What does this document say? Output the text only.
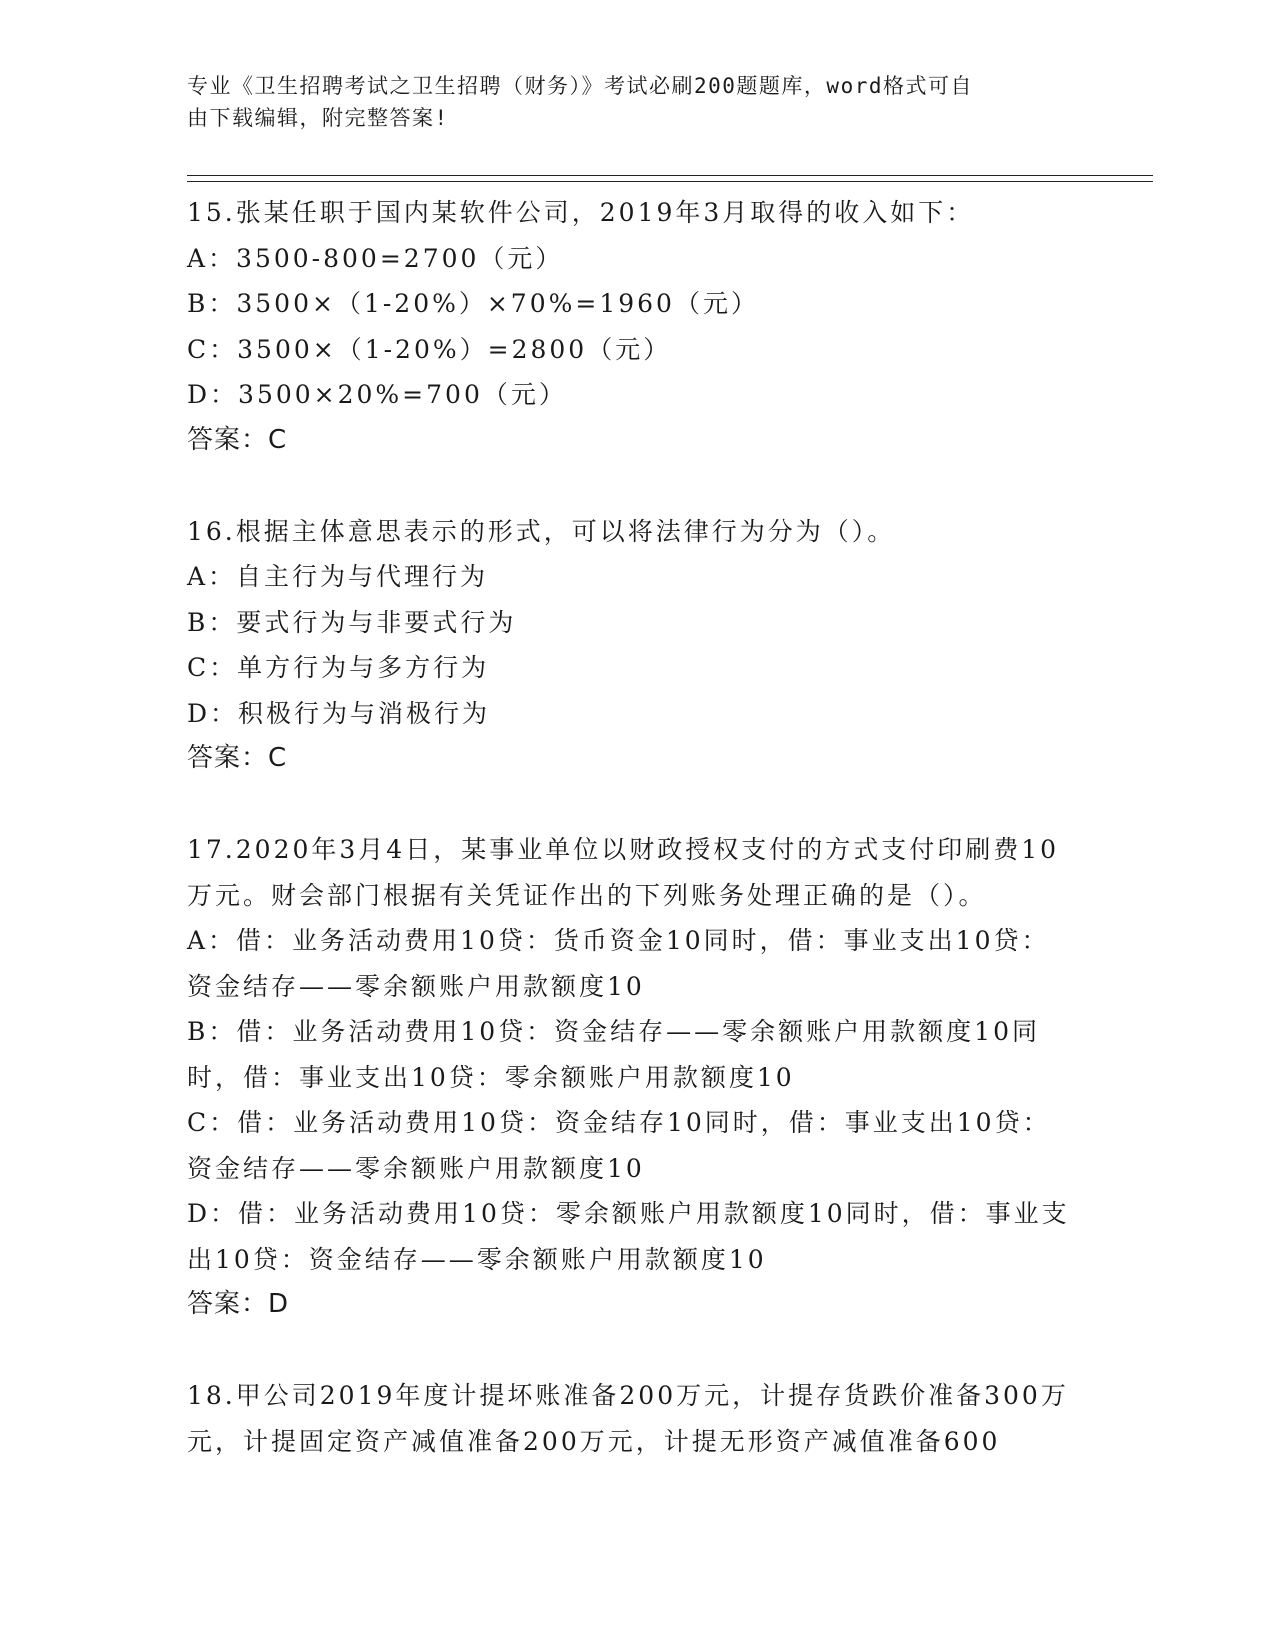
专业《卫生招聘考试之卫生招聘（财务）》考试必刷200题题库，word格式可自
由下载编辑，附完整答案!

15.张某任职于国内某软件公司，2019年3月取得的收入如下：

A：3500-800=2700（元）

B：3500×（1-20%）×70%=1960（元）

C：3500×（1-20%）=2800（元）

D：3500×20%=700（元）

答案：C

16.根据主体意思表示的形式，可以将法律行为分为（）。

A：自主行为与代理行为

B：要式行为与非要式行为

C：单方行为与多方行为

D：积极行为与消极行为

答案：C

17.2020年3月4日，某事业单位以财政授权支付的方式支付印刷费10万元。财会部门根据有关凭证作出的下列账务处理正确的是（）。

A：借：业务活动费用10贷：货币资金10同时，借：事业支出10贷：资金结存——零余额账户用款额度10

B：借：业务活动费用10贷：资金结存——零余额账户用款额度10同时，借：事业支出10贷：零余额账户用款额度10

C：借：业务活动费用10贷：资金结存10同时，借：事业支出10贷：资金结存——零余额账户用款额度10

D：借：业务活动费用10贷：零余额账户用款额度10同时，借：事业支出10贷：资金结存——零余额账户用款额度10

答案：D

18.甲公司2019年度计提坏账准备200万元，计提存货跌价准备300万元，计提固定资产减值准备200万元，计提无形资产减值准备600
